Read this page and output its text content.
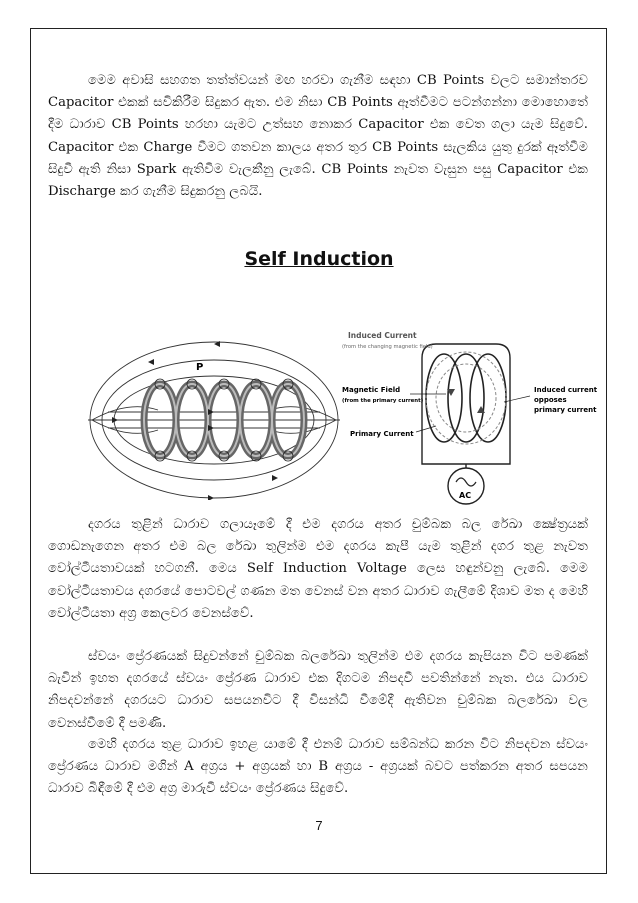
මෙම අවාසි සහගත තත්ත්වයන් මඟ හරවා ගැනීම සඳහා CB Points වලට සමාන්තරව Capacitor එකක් සවිකිරීම සිදුකර ඇත. එම නිසා CB Points ඈත්වීමට පටන්ගන්නා මොහොතේ දීම ධාරාව CB Points හරහා යැමට උත්සහ නොකර Capacitor එක වෙත ගලා යැම සිදුවේ. Capacitor එක Charge වීමට ගතවන කාලය අතර තුර CB Points සැලකිය යුතු දුරක් ඈත්වීම සිදුවී ඇති නිසා Spark ඇතිවීම වැලකීනු ලැබේ. CB Points නැවත වැසුන පසු Capacitor එක Discharge කර ගැනීම සිදුකරනු ලබයි.

Self Induction
P
AC
Induced Current
(from the changing magnetic field)
Magnetic Field
(from the primary current)
Primary Current
Induced current
opposes
primary current

දගරය තුළින් ධාරාව ගලායෑමේ දී එම දගරය අතර චුම්බක බල රේඛා ක්‍ෂේත්‍රයක් ගොඩනැගෙන අතර එම බල රේඛා තුලින්ම එම දගරය කැපී යැම තුළින් දගර තුළ නැවත වෝල්ටීයතාවයක් හටගනී. මෙය Self Induction Voltage ලෙස හඳුන්වනු ලැබේ. මෙම වෝල්ටීයතාවය දගරයේ පොටවල් ගණන මත වෙනස් වන අතර ධාරාව ගැලීමේ දිශාව මත ද මෙහි වෝල්ටීයතා අග්‍ර කෙලවර වෙනස්වේ.

ස්වයං ප්‍රේරණයක් සිදුවන්නේ චුම්බක බලරේඛා තුලින්ම එම දගරය කැපියන විට පමණක් බැවින් ඉහත දගරයේ ස්වයං ප්‍රේරණ ධාරාව එක දිගටම නිපදවී පවතින්නේ නැත. එය ධාරාව නිපදවන්නේ දගරයට ධාරාව සපයනවිට දී විසන්ධි වීමේදී ඇතිවන චුම්බක බලරේඛා වල වෙනස්වීමේ දී පමණි.

මෙහි දගරය තුළ ධාරාව ඉහළ යාමේ දී එනම් ධාරාව සම්බන්ධ කරන විට නිපදවන ස්වයං ප්‍රේරණය ධාරාව මගින් A අග්‍රය + අග්‍රයක් හා B අග්‍රය - අග්‍රයක් බවට පත්කරන අතර සපයන ධාරාව බිඳීමේ දී එම අග්‍ර මාරුවී ස්වයං ප්‍රේරණය සිදුවේ.

7
